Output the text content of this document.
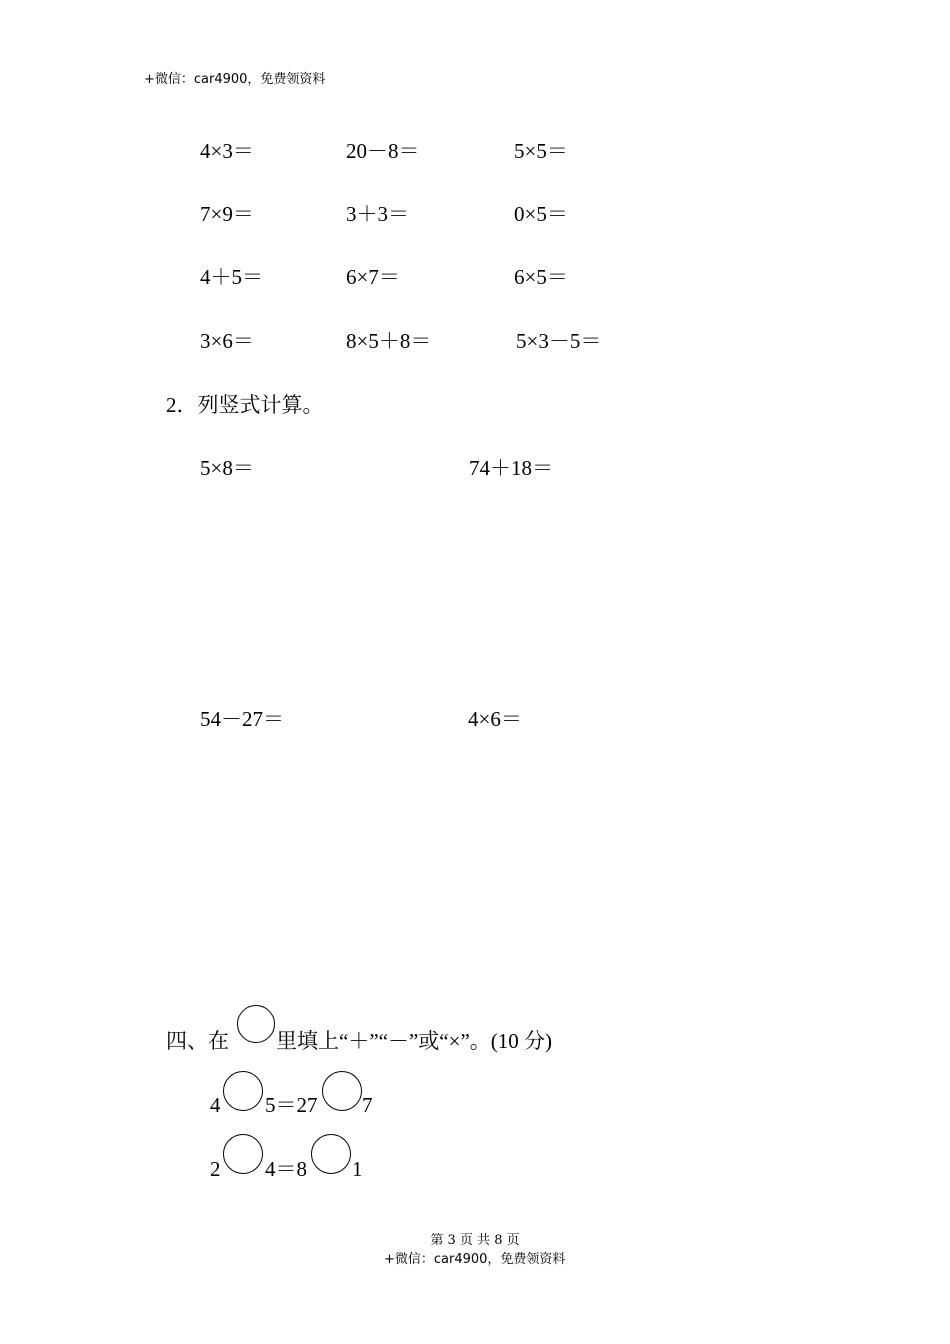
+微信：car4900，免费领资料
4×3＝	20－8＝	5×5＝
7×9＝	3＋3＝	0×5＝
4＋5＝	6×7＝	6×5＝
3×6＝	8×5＋8＝	5×3－5＝
2．列竖式计算。
5×8＝	74＋18＝
54－27＝	4×6＝
四、在 里填上“＋”“－”或“×”。(10 分)
4 5＝27 7
2 4＝8 1
第 3 页 共 8 页
+微信：car4900，免费领资料
